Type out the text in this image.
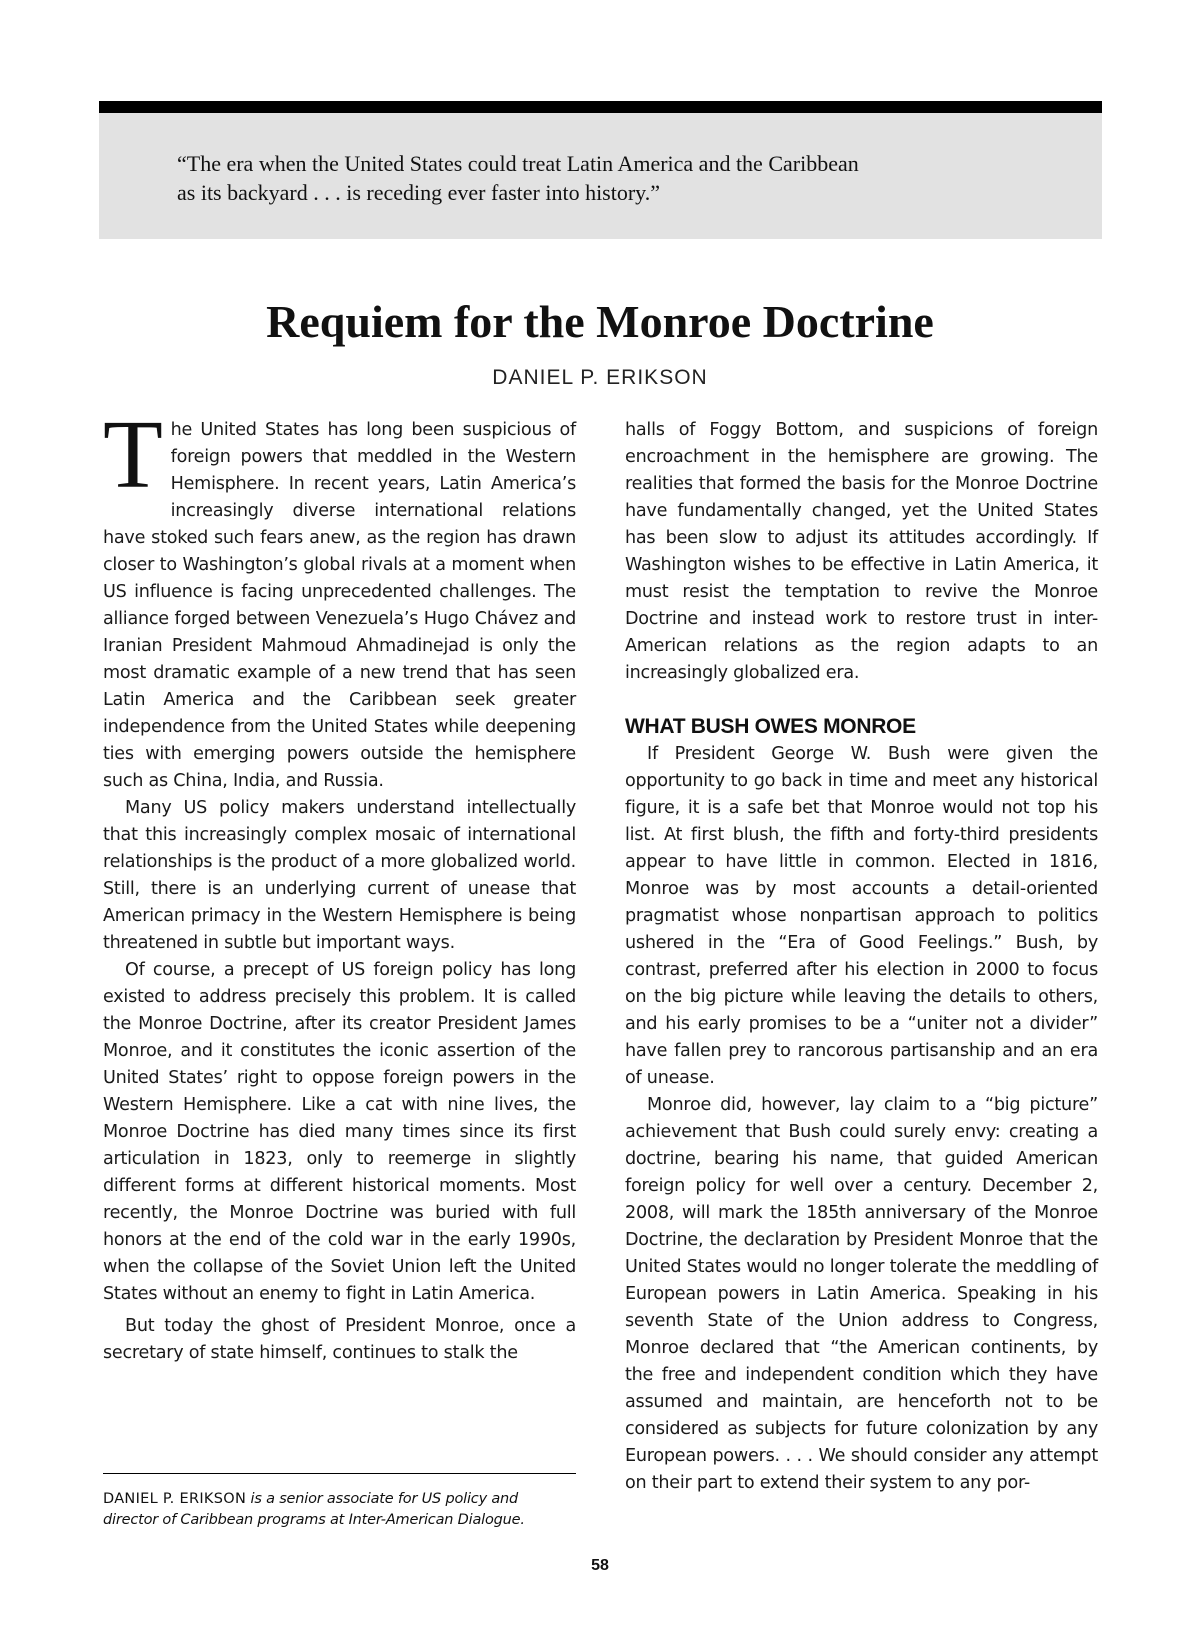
“The era when the United States could treat Latin America and the Caribbean
as its backyard . . . is receding ever faster into history.”
Requiem for the Monroe Doctrine
DANIEL P. ERIKSON
T he United States has long been suspicious of foreign powers that meddled in the Western Hemisphere. In recent years, Latin America’s increasingly diverse international relations have stoked such fears anew, as the region has drawn closer to Washington’s global rivals at a moment when US influence is facing unprecedented challenges. The alliance forged between Venezuela’s Hugo Chávez and Iranian President Mahmoud Ahmadinejad is only the most dramatic example of a new trend that has seen Latin America and the Caribbean seek greater independence from the United States while deepening ties with emerging powers outside the hemisphere such as China, India, and Russia.

Many US policy makers understand intellectually that this increasingly complex mosaic of international relationships is the product of a more globalized world. Still, there is an underlying current of unease that American primacy in the Western Hemisphere is being threatened in subtle but important ways.

Of course, a precept of US foreign policy has long existed to address precisely this problem. It is called the Monroe Doctrine, after its creator President James Monroe, and it constitutes the iconic assertion of the United States’ right to oppose foreign powers in the Western Hemisphere. Like a cat with nine lives, the Monroe Doctrine has died many times since its first articulation in 1823, only to reemerge in slightly different forms at different historical moments. Most recently, the Monroe Doctrine was buried with full honors at the end of the cold war in the early 1990s, when the collapse of the Soviet Union left the United States without an enemy to fight in Latin America.

But today the ghost of President Monroe, once a secretary of state himself, continues to stalk the

halls of Foggy Bottom, and suspicions of foreign encroachment in the hemisphere are growing. The realities that formed the basis for the Monroe Doctrine have fundamentally changed, yet the United States has been slow to adjust its attitudes accordingly. If Washington wishes to be effective in Latin America, it must resist the temptation to revive the Monroe Doctrine and instead work to restore trust in inter-American relations as the region adapts to an increasingly globalized era.

WHAT BUSH OWES MONROE

If President George W. Bush were given the opportunity to go back in time and meet any historical figure, it is a safe bet that Monroe would not top his list. At first blush, the fifth and forty-third presidents appear to have little in common. Elected in 1816, Monroe was by most accounts a detail-oriented pragmatist whose nonpartisan approach to politics ushered in the “Era of Good Feelings.” Bush, by contrast, preferred after his election in 2000 to focus on the big picture while leaving the details to others, and his early promises to be a “uniter not a divider” have fallen prey to rancorous partisanship and an era of unease.

Monroe did, however, lay claim to a “big picture” achievement that Bush could surely envy: creating a doctrine, bearing his name, that guided American foreign policy for well over a century. December 2, 2008, will mark the 185th anniversary of the Monroe Doctrine, the declaration by President Monroe that the United States would no longer tolerate the meddling of European powers in Latin America. Speaking in his seventh State of the Union address to Congress, Monroe declared that “the American continents, by the free and independent condition which they have assumed and maintain, are henceforth not to be considered as subjects for future colonization by any European powers. . . . We should consider any attempt on their part to extend their system to any por-

DANIEL P. ERIKSON is a senior associate for US policy and director of Caribbean programs at Inter-American Dialogue.
58
